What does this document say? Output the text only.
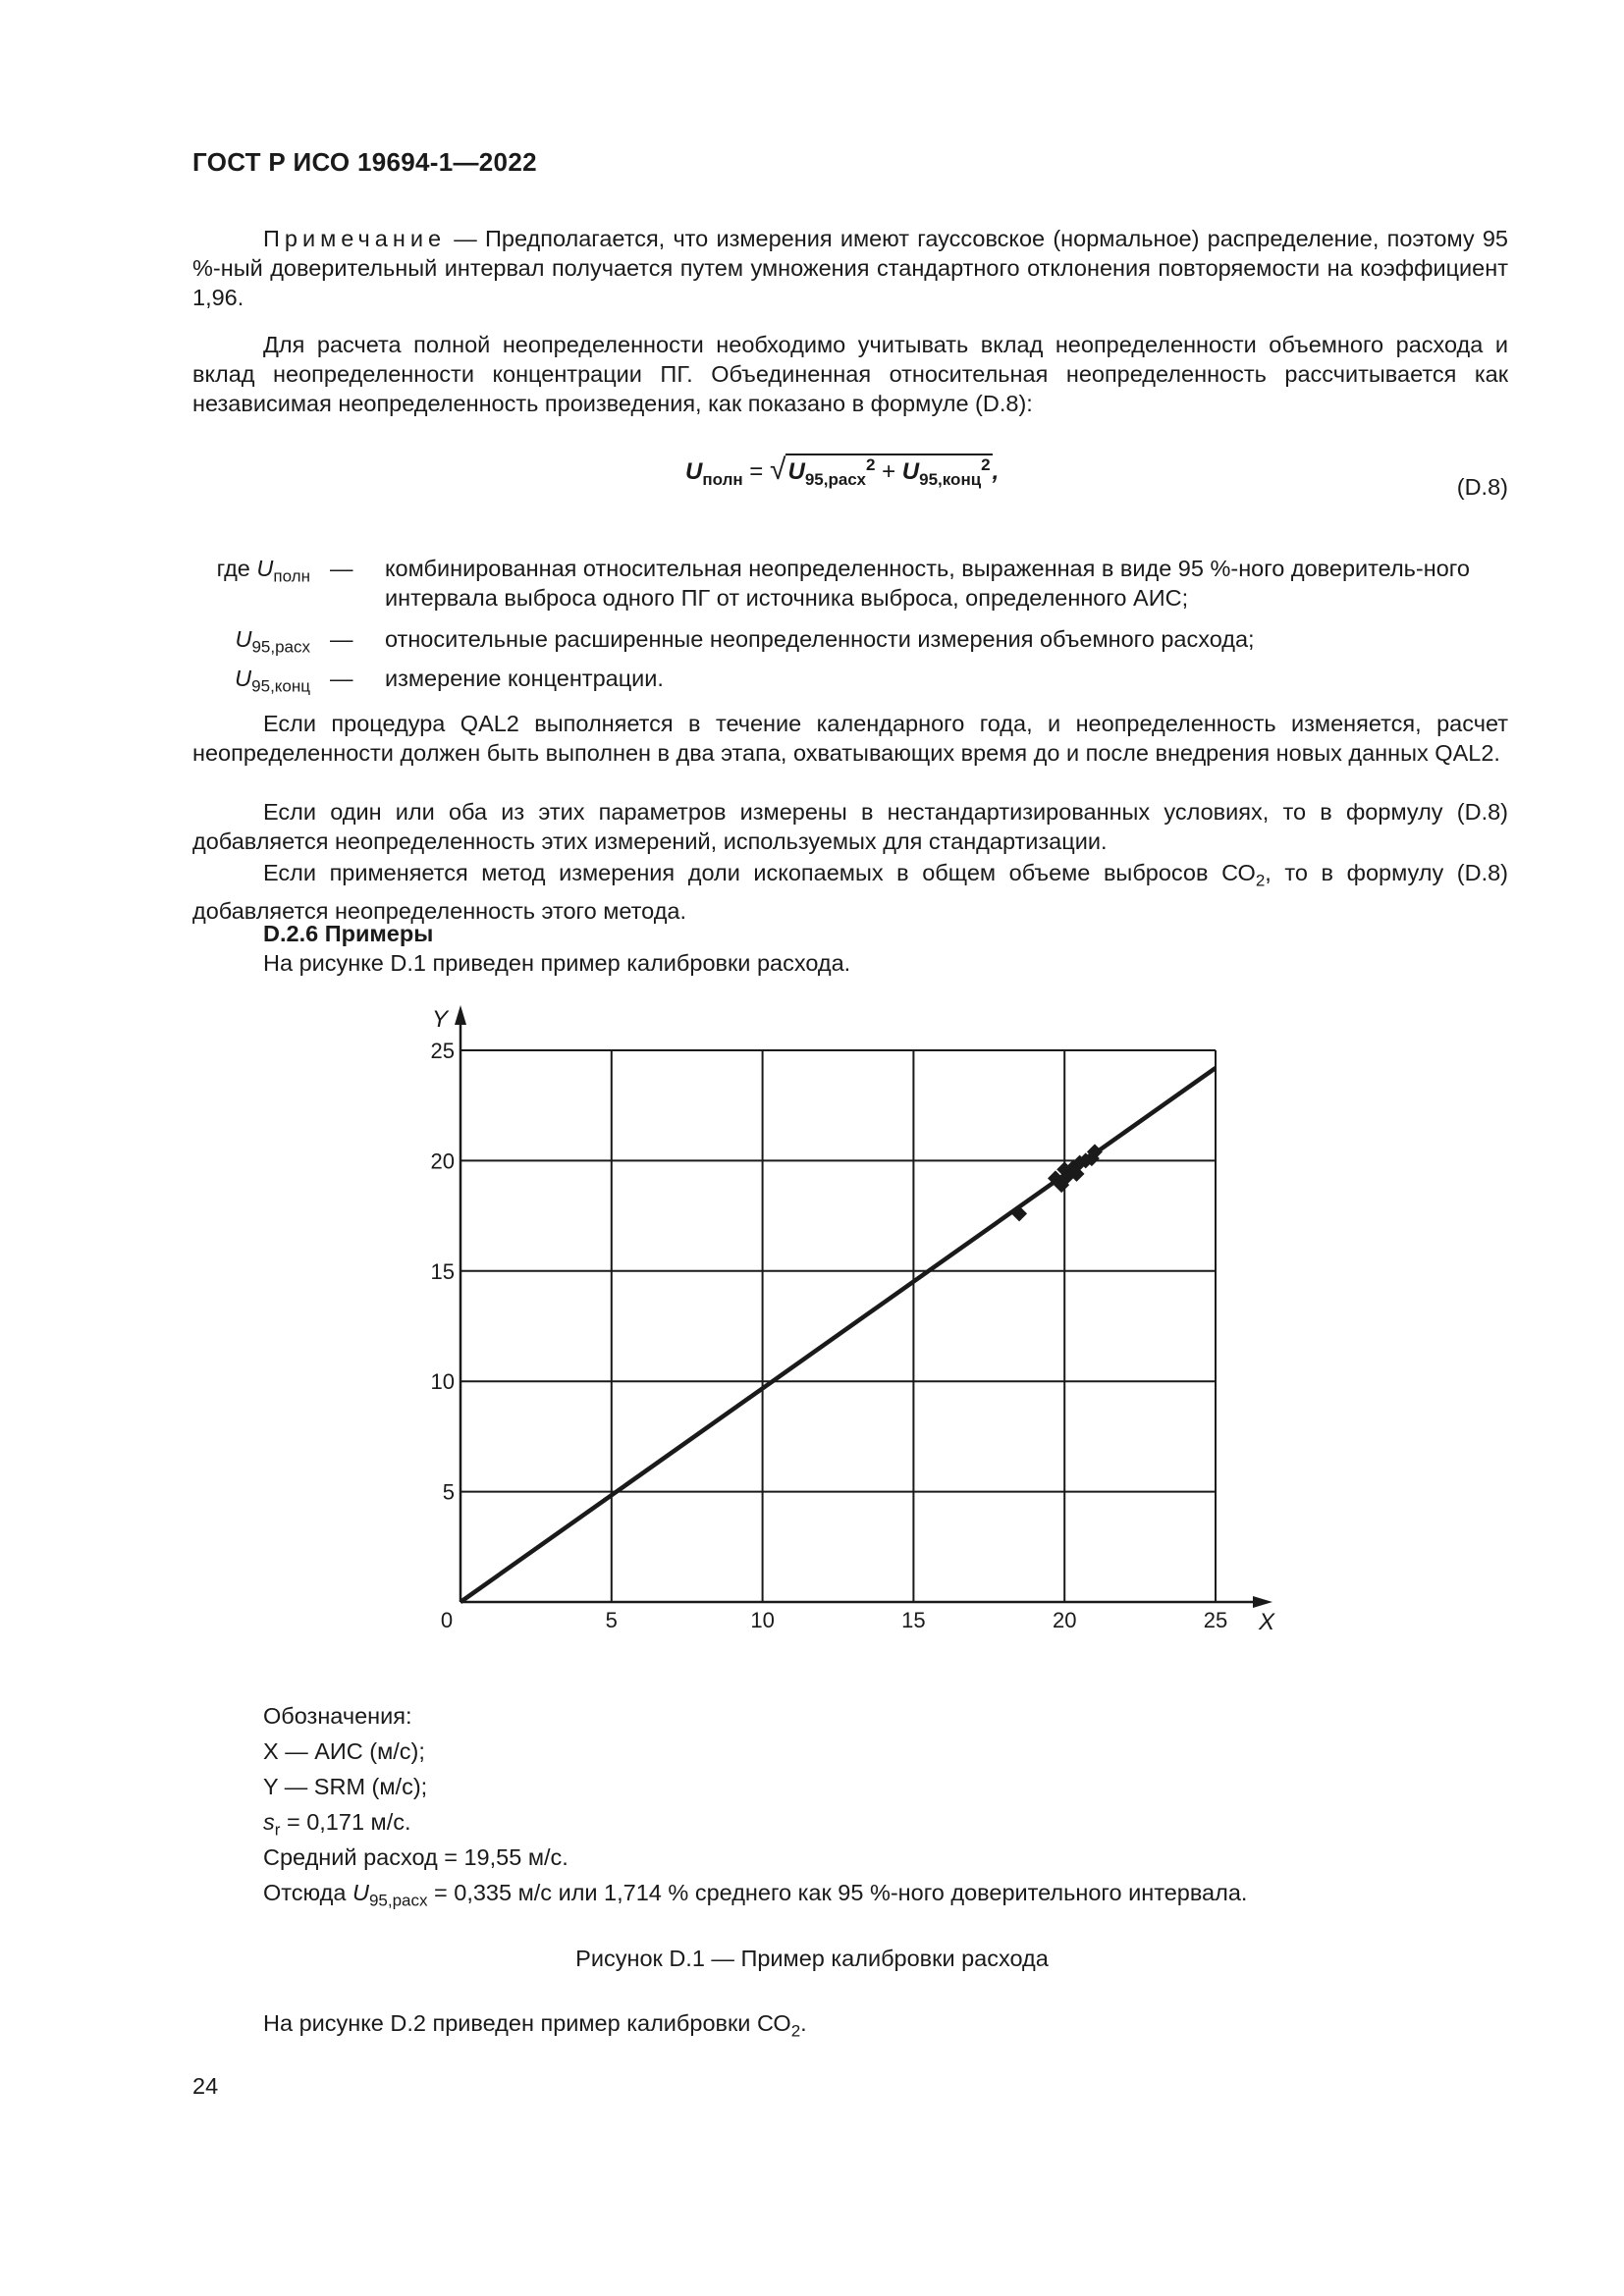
ГОСТ Р ИСО 19694-1—2022
Примечание — Предполагается, что измерения имеют гауссовское (нормальное) распределение, поэтому 95 %-ный доверительный интервал получается путем умножения стандартного отклонения повторяемости на коэффициент 1,96.
Для расчета полной неопределенности необходимо учитывать вклад неопределенности объемного расхода и вклад неопределенности концентрации ПГ. Объединенная относительная неопределенность рассчитывается как независимая неопределенность произведения, как показано в формуле (D.8):
$U_{полн} = √U_{95,расх}^2 + U_{95,конц}^2$,
(D.8)
где $U_{полн}$ — комбинированная относительная неопределенность, выраженная в виде 95 %-ного доверитель-ного интервала выброса одного ПГ от источника выброса, определенного АИС;
$U_{95,расх}$ — относительные расширенные неопределенности измерения объемного расхода;
$U_{95,конц}$ — измерение концентрации.
Если процедура QAL2 выполняется в течение календарного года, и неопределенность изменяется, расчет неопределенности должен быть выполнен в два этапа, охватывающих время до и после внедрения новых данных QAL2.
Если один или оба из этих параметров измерены в нестандартизированных условиях, то в формулу (D.8) добавляется неопределенность этих измерений, используемых для стандартизации.
Если применяется метод измерения доли ископаемых в общем объеме выбросов $СО_2$, то в формулу (D.8) добавляется неопределенность этого метода.
D.2.6 Примеры
На рисунке D.1 приведен пример калибровки расхода.
0	5	10	15	20	25
5
10
15
20
25
X
Y
Обозначения:
X — АИС (м/с);
Y — SRM (м/с);
$s_r = 0,171$ м/с.
Средний расход = 19,55 м/с.
Отсюда $U_{95,расх} = 0,335$ м/с или 1,714 % среднего как 95 %-ного доверительного интервала.
Рисунок D.1 — Пример калибровки расхода
На рисунке D.2 приведен пример калибровки $СО_2$.
24
